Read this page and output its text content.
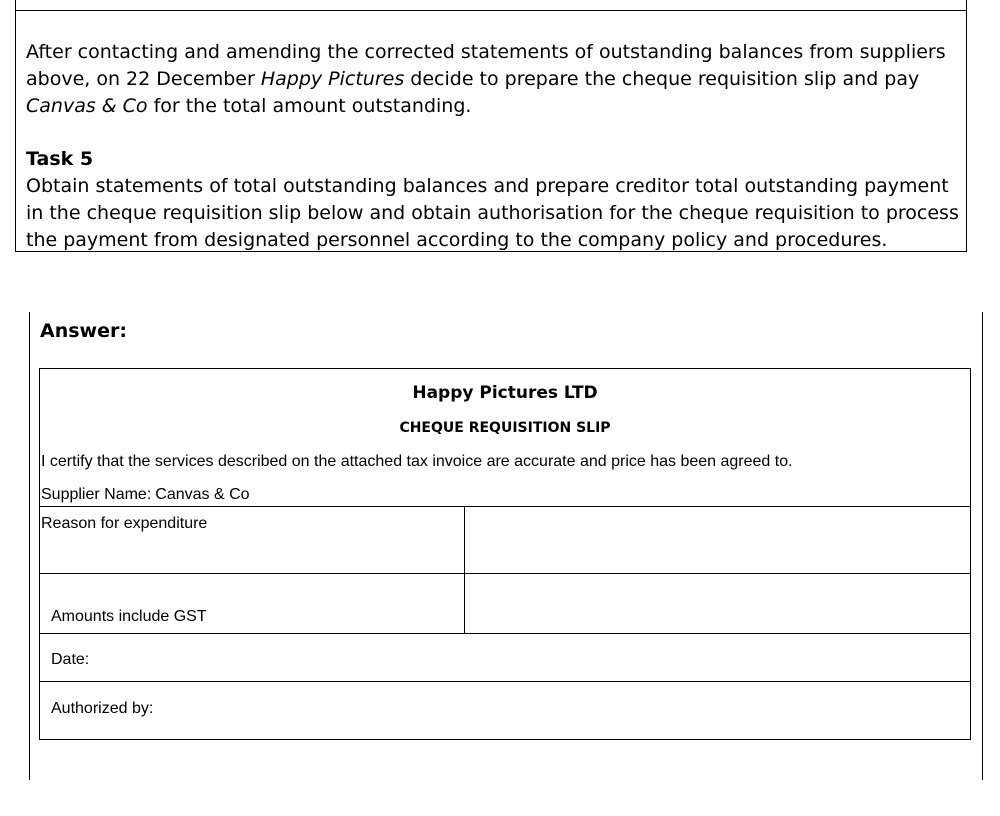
After contacting and amending the corrected statements of outstanding balances from suppliers above, on 22 December Happy Pictures decide to prepare the cheque requisition slip and pay Canvas & Co for the total amount outstanding.

Task 5

Obtain statements of total outstanding balances and prepare creditor total outstanding payment in the cheque requisition slip below and obtain authorisation for the cheque requisition to process the payment from designated personnel according to the company policy and procedures.

Answer:
Happy Pictures LTD
CHEQUE REQUISITION SLIP
I certify that the services described on the attached tax invoice are accurate and price has been agreed to.
Supplier Name: Canvas & Co
Reason for expenditure
Amounts include GST
Date:
Authorized by:
